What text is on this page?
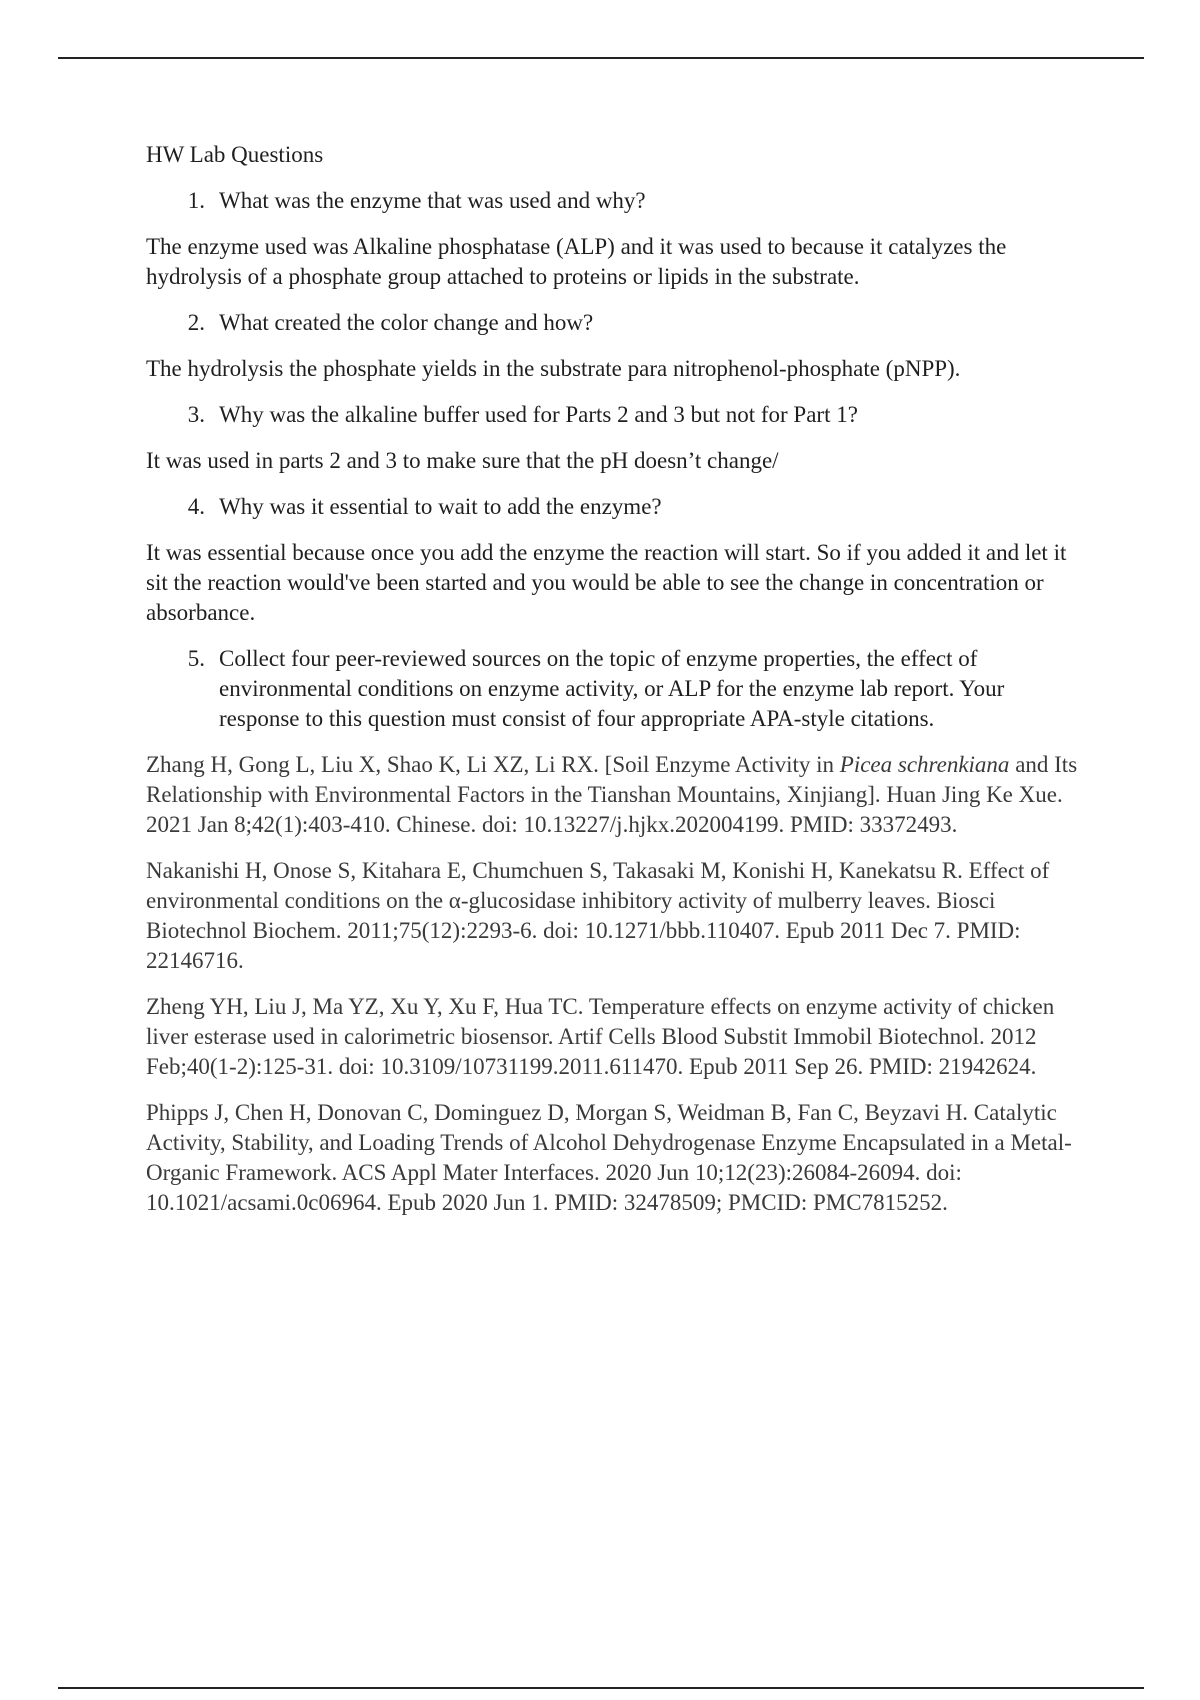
HW Lab Questions
1. What was the enzyme that was used and why?
The enzyme used was Alkaline phosphatase (ALP) and it was used to because it catalyzes the hydrolysis of a phosphate group attached to proteins or lipids in the substrate.
2. What created the color change and how?
The hydrolysis the phosphate yields in the substrate para nitrophenol-phosphate (pNPP).
3. Why was the alkaline buffer used for Parts 2 and 3 but not for Part 1?
It was used in parts 2 and 3 to make sure that the pH doesn’t change/
4. Why was it essential to wait to add the enzyme?
It was essential because once you add the enzyme the reaction will start. So if you added it and let it sit the reaction would've been started and you would be able to see the change in concentration or absorbance.
5. Collect four peer-reviewed sources on the topic of enzyme properties, the effect of environmental conditions on enzyme activity, or ALP for the enzyme lab report. Your response to this question must consist of four appropriate APA-style citations.
Zhang H, Gong L, Liu X, Shao K, Li XZ, Li RX. [Soil Enzyme Activity in Picea schrenkiana and Its Relationship with Environmental Factors in the Tianshan Mountains, Xinjiang]. Huan Jing Ke Xue. 2021 Jan 8;42(1):403-410. Chinese. doi: 10.13227/j.hjkx.202004199. PMID: 33372493.
Nakanishi H, Onose S, Kitahara E, Chumchuen S, Takasaki M, Konishi H, Kanekatsu R. Effect of environmental conditions on the α-glucosidase inhibitory activity of mulberry leaves. Biosci Biotechnol Biochem. 2011;75(12):2293-6. doi: 10.1271/bbb.110407. Epub 2011 Dec 7. PMID: 22146716.
Zheng YH, Liu J, Ma YZ, Xu Y, Xu F, Hua TC. Temperature effects on enzyme activity of chicken liver esterase used in calorimetric biosensor. Artif Cells Blood Substit Immobil Biotechnol. 2012 Feb;40(1-2):125-31. doi: 10.3109/10731199.2011.611470. Epub 2011 Sep 26. PMID: 21942624.
Phipps J, Chen H, Donovan C, Dominguez D, Morgan S, Weidman B, Fan C, Beyzavi H. Catalytic Activity, Stability, and Loading Trends of Alcohol Dehydrogenase Enzyme Encapsulated in a Metal-Organic Framework. ACS Appl Mater Interfaces. 2020 Jun 10;12(23):26084-26094. doi: 10.1021/acsami.0c06964. Epub 2020 Jun 1. PMID: 32478509; PMCID: PMC7815252.
